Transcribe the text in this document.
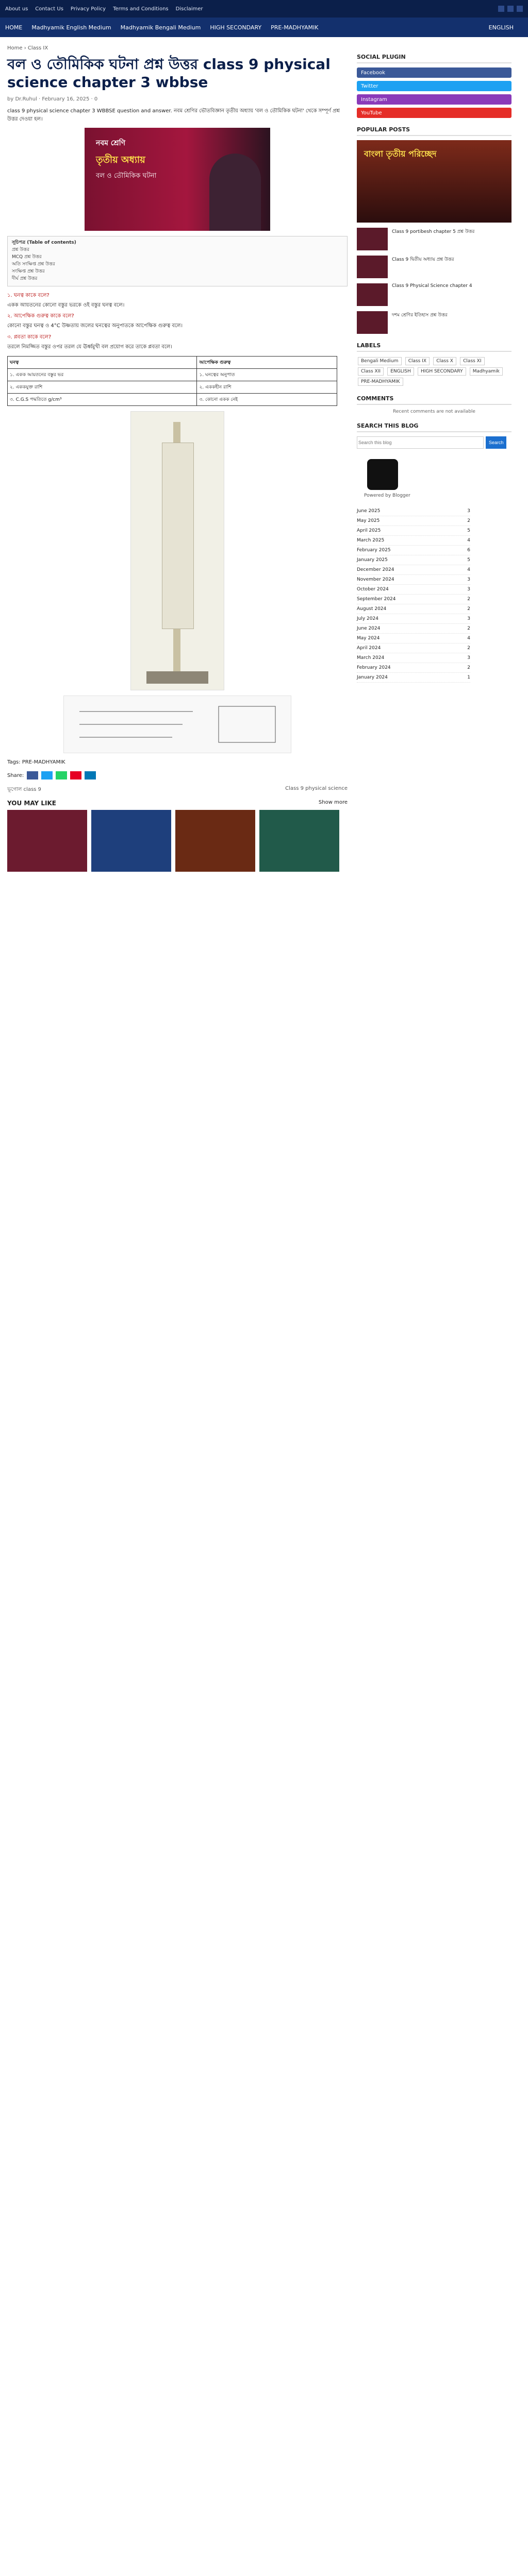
About us Contact Us Privacy Policy Terms and Conditions Disclaimer
HOME Madhyamik English Medium Madhyamik Bengali Medium HIGH SECONDARY PRE-MADHYAMIK	ENGLISH
Home › Class IX
বল ও তৌমিকিক ঘটনা প্রশ্ন উত্তর class 9 physical science chapter 3 wbbse
by Dr.Ruhul · February 16, 2025 · 0

class 9 physical science chapter 3 WBBSE question and answer. নবম শ্রেণির ভৌতবিজ্ঞান তৃতীয় অধ্যায় 'বল ও তৌমিকিক ঘটনা' থেকে সম্পূর্ণ প্রশ্ন উত্তর দেওয়া হল।

নবম শ্রেণি
তৃতীয় অধ্যায়
বল ও তৌমিকিক ঘটনা
সূচিপত্র (Table of contents)
প্রশ্ন উত্তর
MCQ প্রশ্ন উত্তর
অতি সংক্ষিপ্ত প্রশ্ন উত্তর
সংক্ষিপ্ত প্রশ্ন উত্তর
দীর্ঘ প্রশ্ন উত্তর
১. ঘনত্ব কাকে বলে?
একক আয়তনের কোনো বস্তুর ভরকে ওই বস্তুর ঘনত্ব বলে।
২. আপেক্ষিক গুরুত্ব কাকে বলে?
কোনো বস্তুর ঘনত্ব ও 4°C উষ্ণতায় জলের ঘনত্বের অনুপাতকে আপেক্ষিক গুরুত্ব বলে।
৩. প্লবতা কাকে বলে?
তরলে নিমজ্জিত বস্তুর ওপর তরল যে ঊর্ধ্বমুখী বল প্রয়োগ করে তাকে প্লবতা বলে।
ঘনত্ব	আপেক্ষিক গুরুত্ব
১. একক আয়তনের বস্তুর ভর	১. ঘনত্বের অনুপাত
২. এককযুক্ত রাশি	২. এককহীন রাশি
৩. C.G.S পদ্ধতিতে g/cm³	৩. কোনো একক নেই
Tags: PRE-MADHYAMIK
Share:
ভূগোল class 9	Class 9 physical science
YOU MAY LIKE	Show more
SOCIAL PLUGIN
Facebook
Twitter
Instagram
YouTube
POPULAR POSTS
বাংলা তৃতীয় পরিচ্ছেদ
Class 9 portibesh chapter 5 প্রশ্ন উত্তর
Class 9 দ্বিতীয় অধ্যায় প্রশ্ন উত্তর
Class 9 Physical Science chapter 4
দশম শ্রেণির ইতিহাস প্রশ্ন উত্তর
LABELS
Bengali Medium Class IX Class X Class XI Class XII ENGLISH HIGH SECONDARY Madhyamik PRE-MADHYAMIK
COMMENTS
Recent comments are not available
SEARCH THIS BLOG
Search this blog
Search
Powered by Blogger
June 2025	3
May 2025	2
April 2025	5
March 2025	4
February 2025	6
January 2025	5
December 2024	4
November 2024	3
October 2024	3
September 2024	2
August 2024	2
July 2024	3
June 2024	2
May 2024	4
April 2024	2
March 2024	3
February 2024	2
January 2024	1
